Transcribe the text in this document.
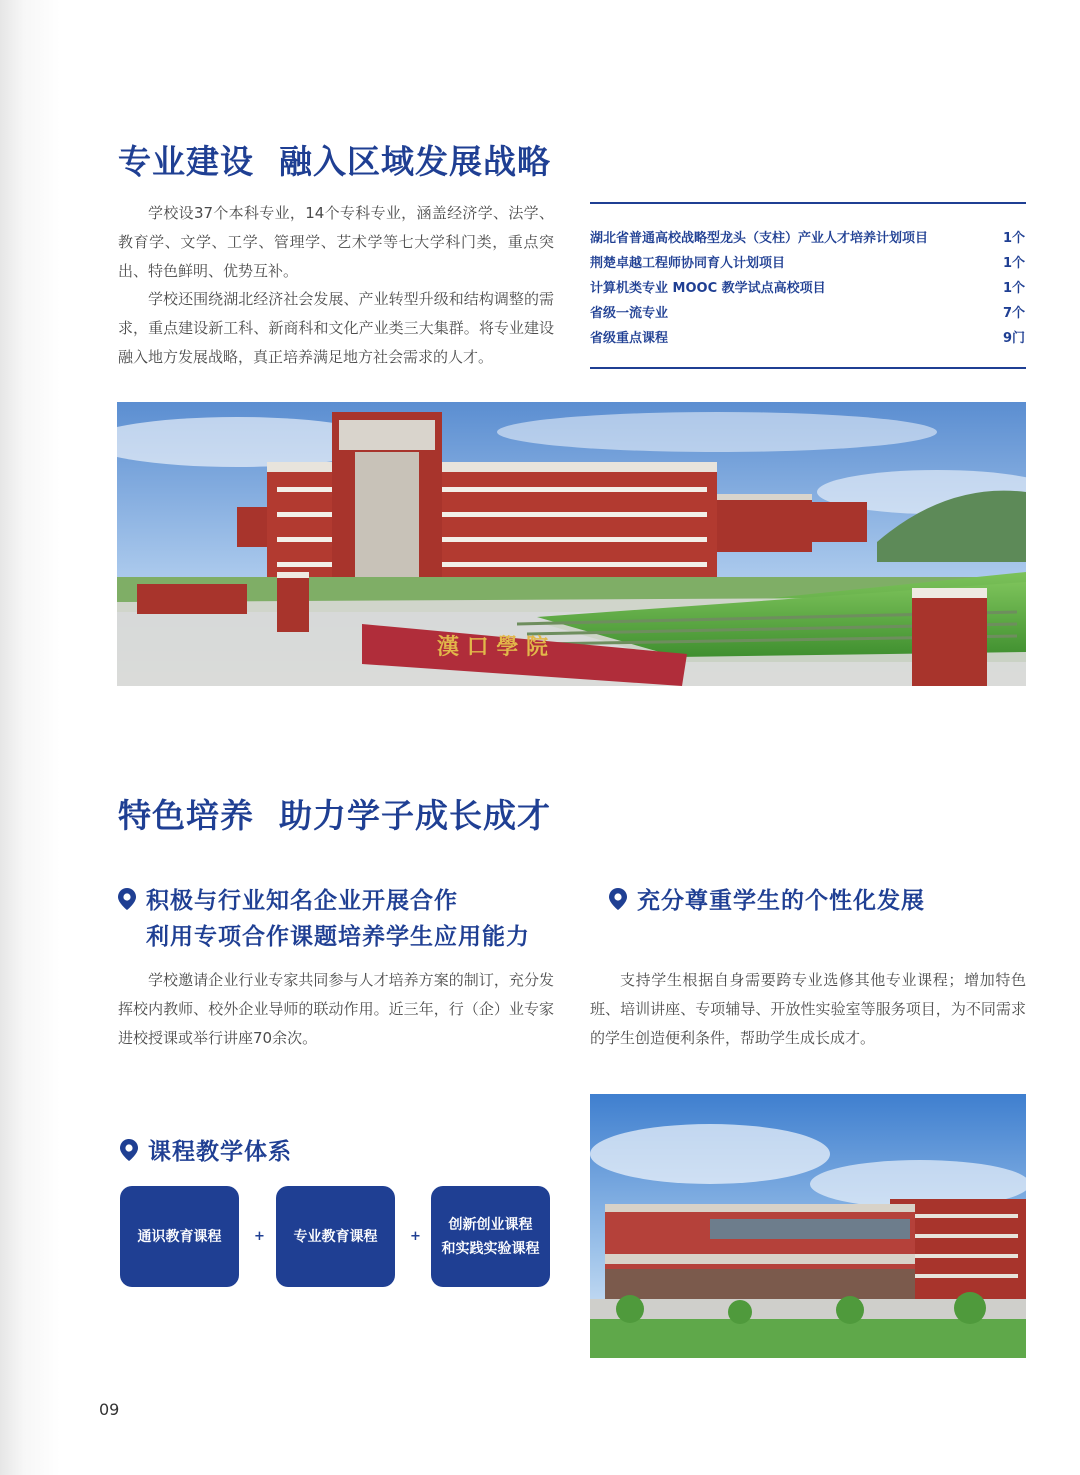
专业建设  融入区域发展战略

学校设37个本科专业，14个专科专业，涵盖经济学、法学、教育学、文学、工学、管理学、艺术学等七大学科门类，重点突出、特色鲜明、优势互补。

学校还围绕湖北经济社会发展、产业转型升级和结构调整的需求，重点建设新工科、新商科和文化产业类三大集群。将专业建设融入地方发展战略，真正培养满足地方社会需求的人才。

湖北省普通高校战略型龙头（支柱）产业人才培养计划项目	1个
荆楚卓越工程师协同育人计划项目	1个
计算机类专业 MOOC 教学试点高校项目	1个
省级一流专业	7个
省级重点课程	9门
漢 口 學 院
特色培养  助力学子成长成才
积极与行业知名企业开展合作
利用专项合作课题培养学生应用能力

学校邀请企业行业专家共同参与人才培养方案的制订，充分发挥校内教师、校外企业导师的联动作用。近三年，行（企）业专家进校授课或举行讲座70余次。

充分尊重学生的个性化发展

支持学生根据自身需要跨专业选修其他专业课程；增加特色班、培训讲座、专项辅导、开放性实验室等服务项目，为不同需求的学生创造便利条件，帮助学生成长成才。

课程教学体系
通识教育课程	+ 专业教育课程	+
创新创业课程
和实践实验课程
09
